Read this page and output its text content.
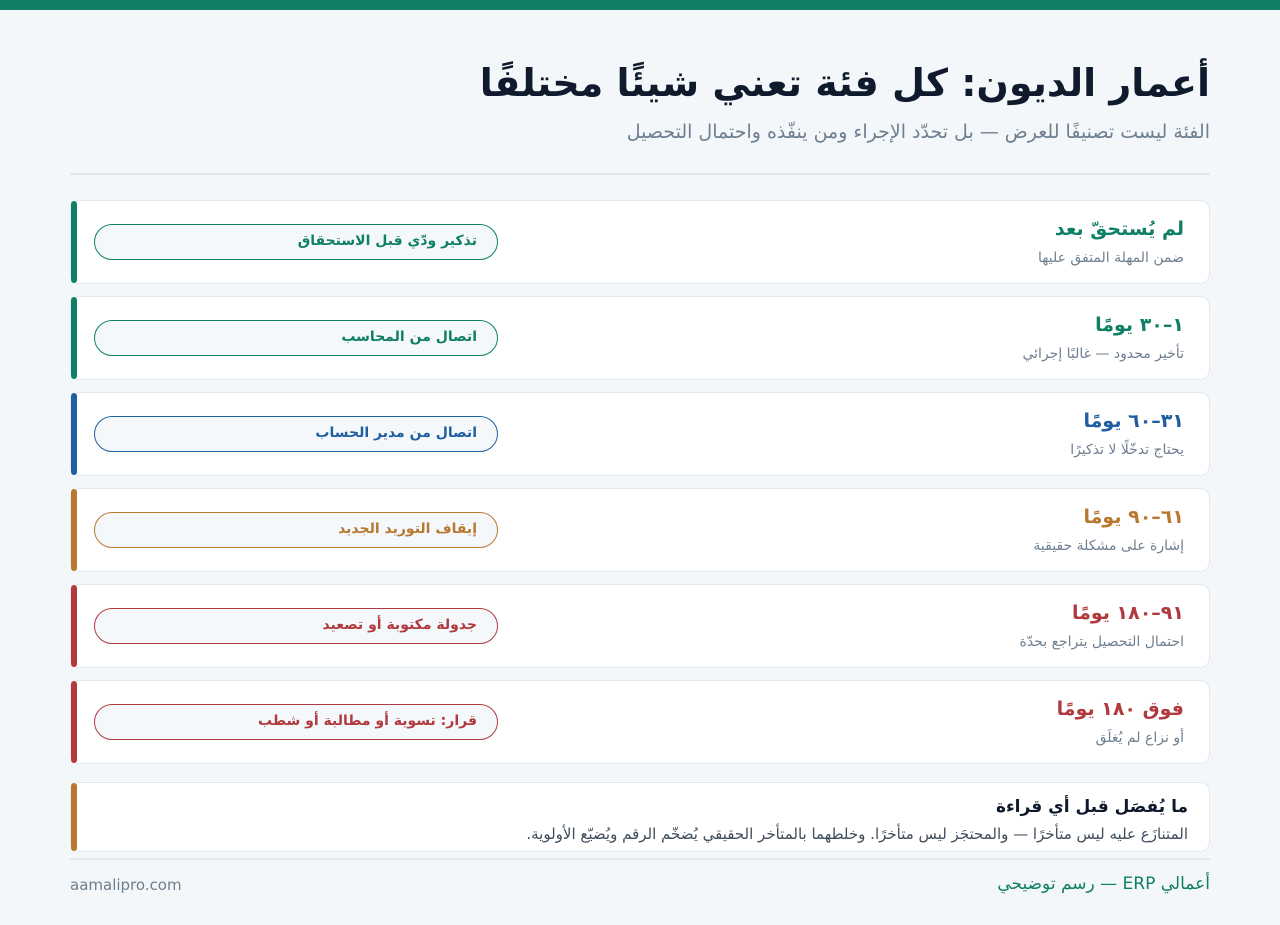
أعمار الديون: كل فئة تعني شيئًا مختلفًا

الفئة ليست تصنيفًا للعرض — بل تحدّد الإجراء ومن ينفّذه واحتمال التحصيل

لم يُستحقّ بعد
ضمن المهلة المتفق عليها
تذكير ودّي قبل الاستحقاق
١–٣٠ يومًا
تأخير محدود — غالبًا إجرائي
اتصال من المحاسب
٣١–٦٠ يومًا
يحتاج تدخّلًا لا تذكيرًا
اتصال من مدير الحساب
٦١–٩٠ يومًا
إشارة على مشكلة حقيقية
إيقاف التوريد الجديد
٩١–١٨٠ يومًا
احتمال التحصيل يتراجع بحدّة
جدولة مكتوبة أو تصعيد
فوق ١٨٠ يومًا
أو نزاع لم يُغلَق
قرار: تسوية أو مطالبة أو شطب
ما يُفصَل قبل أي قراءة
المتنازَع عليه ليس متأخرًا — والمحتجَز ليس متأخرًا. وخلطهما بالمتأخر الحقيقي يُضخّم الرقم ويُضيّع الأولوية.
aamalipro.com	أعمالي ERP — رسم توضيحي
